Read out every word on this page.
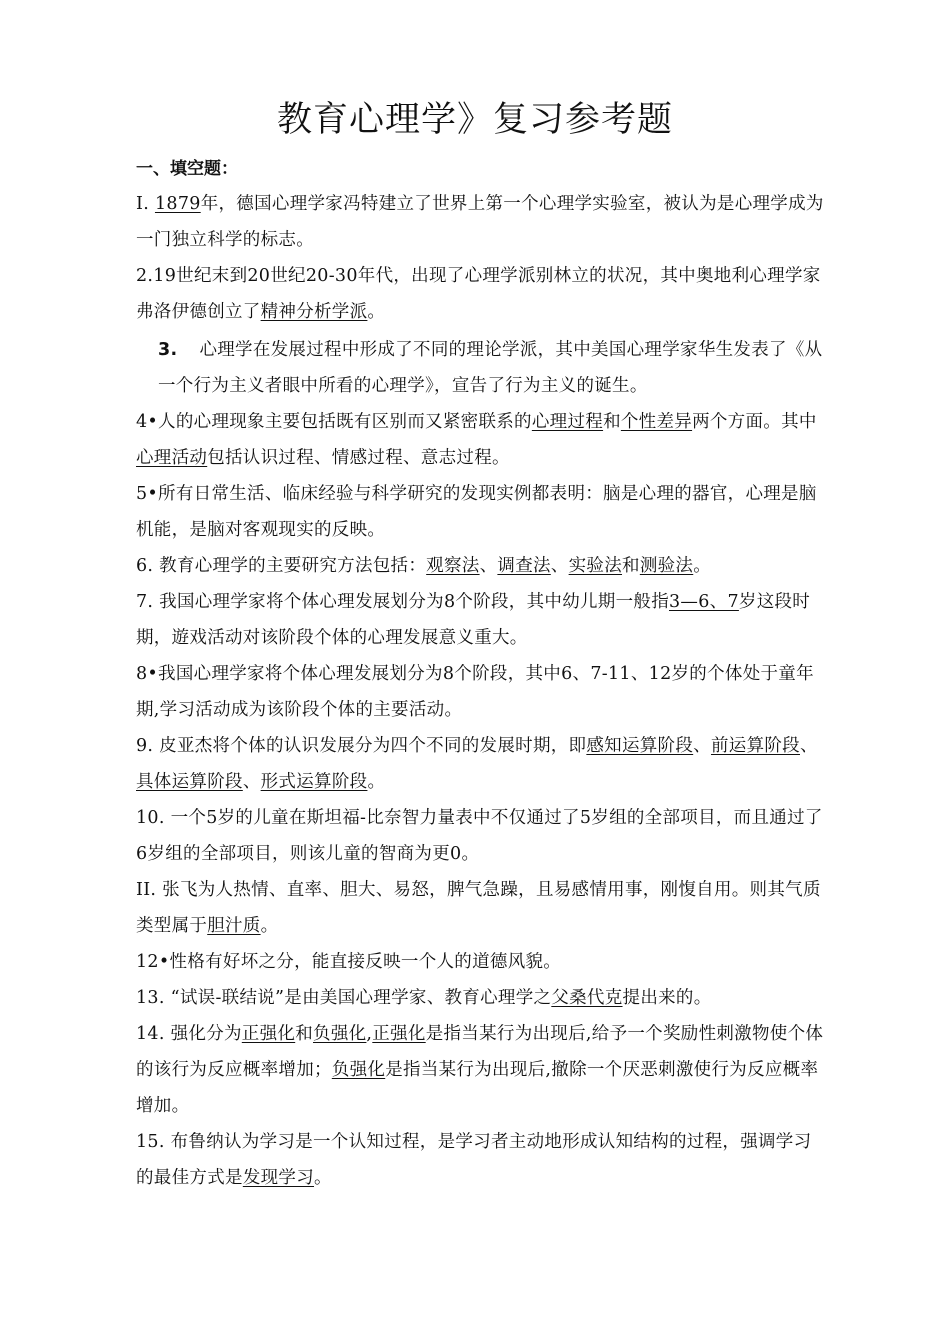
教育心理学》复习参考题
一、填空题：
I. 1879年，德国心理学家冯特建立了世界上第一个心理学实验室，被认为是心理学成为一门独立科学的标志。
2.19世纪末到20世纪20-30年代，出现了心理学派别林立的状况，其中奥地利心理学家弗洛伊德创立了精神分析学派。
3. 心理学在发展过程中形成了不同的理论学派，其中美国心理学家华生发表了《从一个行为主义者眼中所看的心理学》，宣告了行为主义的诞生。
4•人的心理现象主要包括既有区别而又紧密联系的心理过程和个性差异两个方面。其中心理活动包括认识过程、情感过程、意志过程。
5•所有日常生活、临床经验与科学研究的发现实例都表明：脑是心理的器官，心理是脑机能，是脑对客观现实的反映。
6. 教育心理学的主要研究方法包括：观察法、调查法、实验法和测验法。
7. 我国心理学家将个体心理发展划分为8个阶段，其中幼儿期一般指3—6、7岁这段时期，遊戏活动对该阶段个体的心理发展意义重大。
8•我国心理学家将个体心理发展划分为8个阶段，其中6、7-11、12岁的个体处于童年期,学习活动成为该阶段个体的主要活动。
9. 皮亚杰将个体的认识发展分为四个不同的发展时期，即感知运算阶段、前运算阶段、具体运算阶段、形式运算阶段。
10. 一个5岁的儿童在斯坦福-比奈智力量表中不仅通过了5岁组的全部项目，而且通过了6岁组的全部项目，则该儿童的智商为更0。
II. 张飞为人热情、直率、胆大、易怒，脾气急躁，且易感情用事，刚愎自用。则其气质类型属于胆汁质。
12•性格有好坏之分，能直接反映一个人的道德风貌。
13. “试误-联结说”是由美国心理学家、教育心理学之父桑代克提出来的。
14. 强化分为正强化和负强化,正强化是指当某行为出现后,给予一个奖励性刺激物使个体的该行为反应概率增加；负强化是指当某行为出现后,撤除一个厌恶刺激使行为反应概率增加。
15. 布鲁纳认为学习是一个认知过程，是学习者主动地形成认知结构的过程，强调学习的最佳方式是发现学习。
